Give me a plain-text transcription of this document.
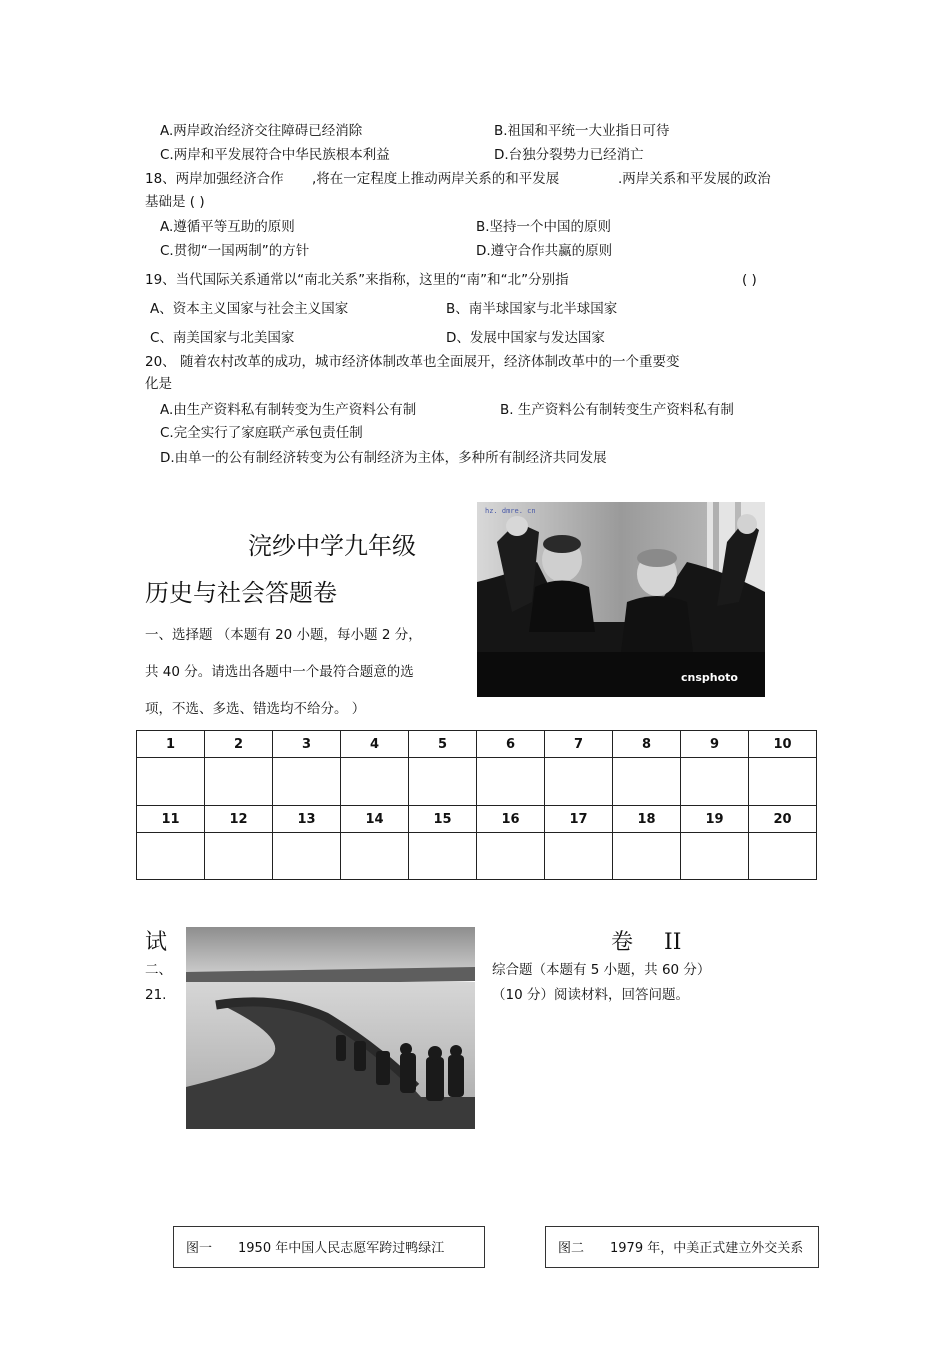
A.两岸政治经济交往障碍已经消除	B.祖国和平统一大业指日可待
C.两岸和平发展符合中华民族根本利益	D.台独分裂势力已经消亡
18、两岸加强经济合作 ,将在一定程度上推动两岸关系的和平发展	.两岸关系和平发展的政治
基础是 ( )
A.遵循平等互助的原则	B.坚持一个中国的原则
C.贯彻“一国两制”的方针	D.遵守合作共赢的原则
19、当代国际关系通常以“南北关系”来指称，这里的“南”和“北”分别指	( )
A、资本主义国家与社会主义国家	B、南半球国家与北半球国家
C、南美国家与北美国家	D、发展中国家与发达国家
20、 随着农村改革的成功，城市经济体制改革也全面展开，经济体制改革中的一个重要变
化是
A.由生产资料私有制转变为生产资料公有制	B. 生产资料公有制转变生产资料私有制
C.完全实行了家庭联产承包责任制
D.由单一的公有制经济转变为公有制经济为主体，多种所有制经济共同发展
浣纱中学九年级
历史与社会答题卷
一、选择题 （本题有 20 小题，每小题 2 分，
共 40 分。请选出各题中一个最符合题意的选
项，不选、多选、错选均不给分。 ）
hz. dmre. cn
cnsphoto
1	2	3	4	5	6	7	8	9	10

11	12	13	14	15	16	17	18	19	20

试	卷 II
二、	综合题（本题有 5 小题，共 60 分）
21.	（10 分）阅读材料，回答问题。
图一 1950 年中国人民志愿军跨过鸭绿江	图二 1979 年，中美正式建立外交关系
